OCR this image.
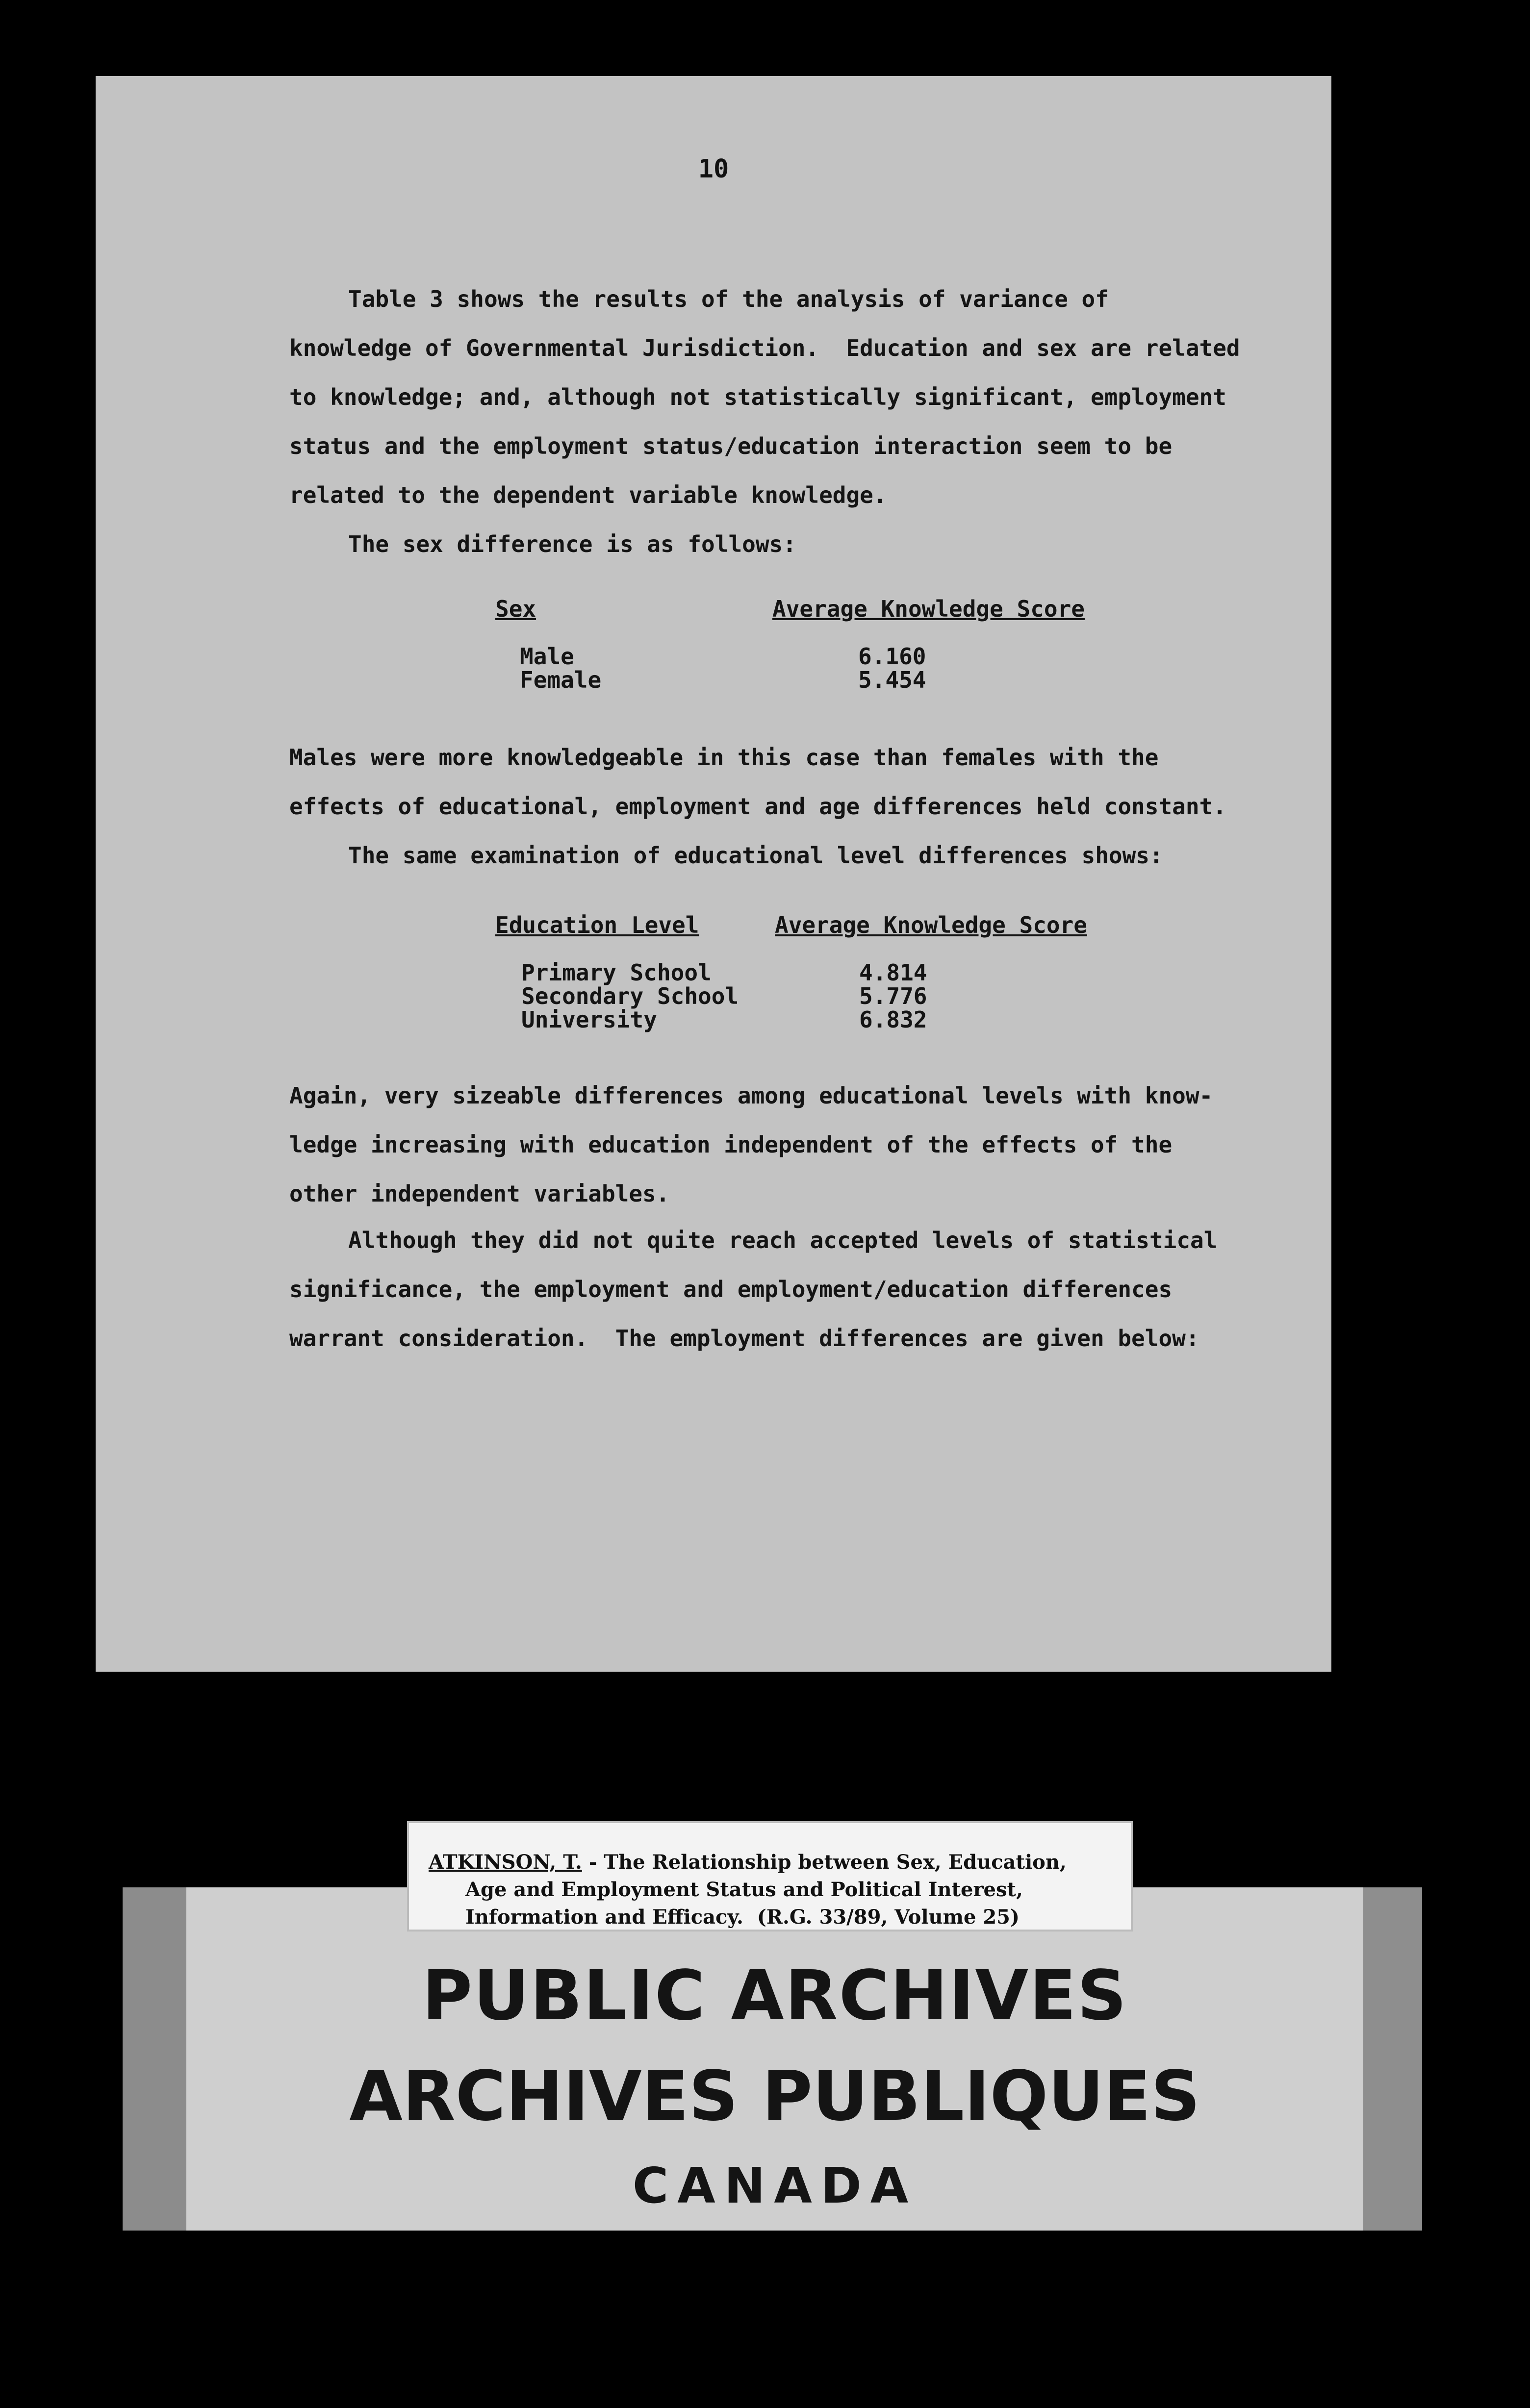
10

Table 3 shows the results of the analysis of variance of
knowledge of Governmental Jurisdiction.  Education and sex are related
to knowledge; and, although not statistically significant, employment
status and the employment status/education interaction seem to be
related to the dependent variable knowledge.

The sex difference is as follows:

Sex	Average Knowledge Score
Male	6.160
Female	5.454

Males were more knowledgeable in this case than females with the
effects of educational, employment and age differences held constant.

The same examination of educational level differences shows:

Education Level	Average Knowledge Score
Primary School	4.814
Secondary School	5.776
University	6.832

Again, very sizeable differences among educational levels with know-
ledge increasing with education independent of the effects of the
other independent variables.

Although they did not quite reach accepted levels of statistical
significance, the employment and employment/education differences
warrant consideration.  The employment differences are given below:

PUBLIC ARCHIVES
ARCHIVES PUBLIQUES
CANADA
ATKINSON, T. - The Relationship between Sex, Education,
Age and Employment Status and Political Interest,
Information and Efficacy.  (R.G. 33/89, Volume 25)
